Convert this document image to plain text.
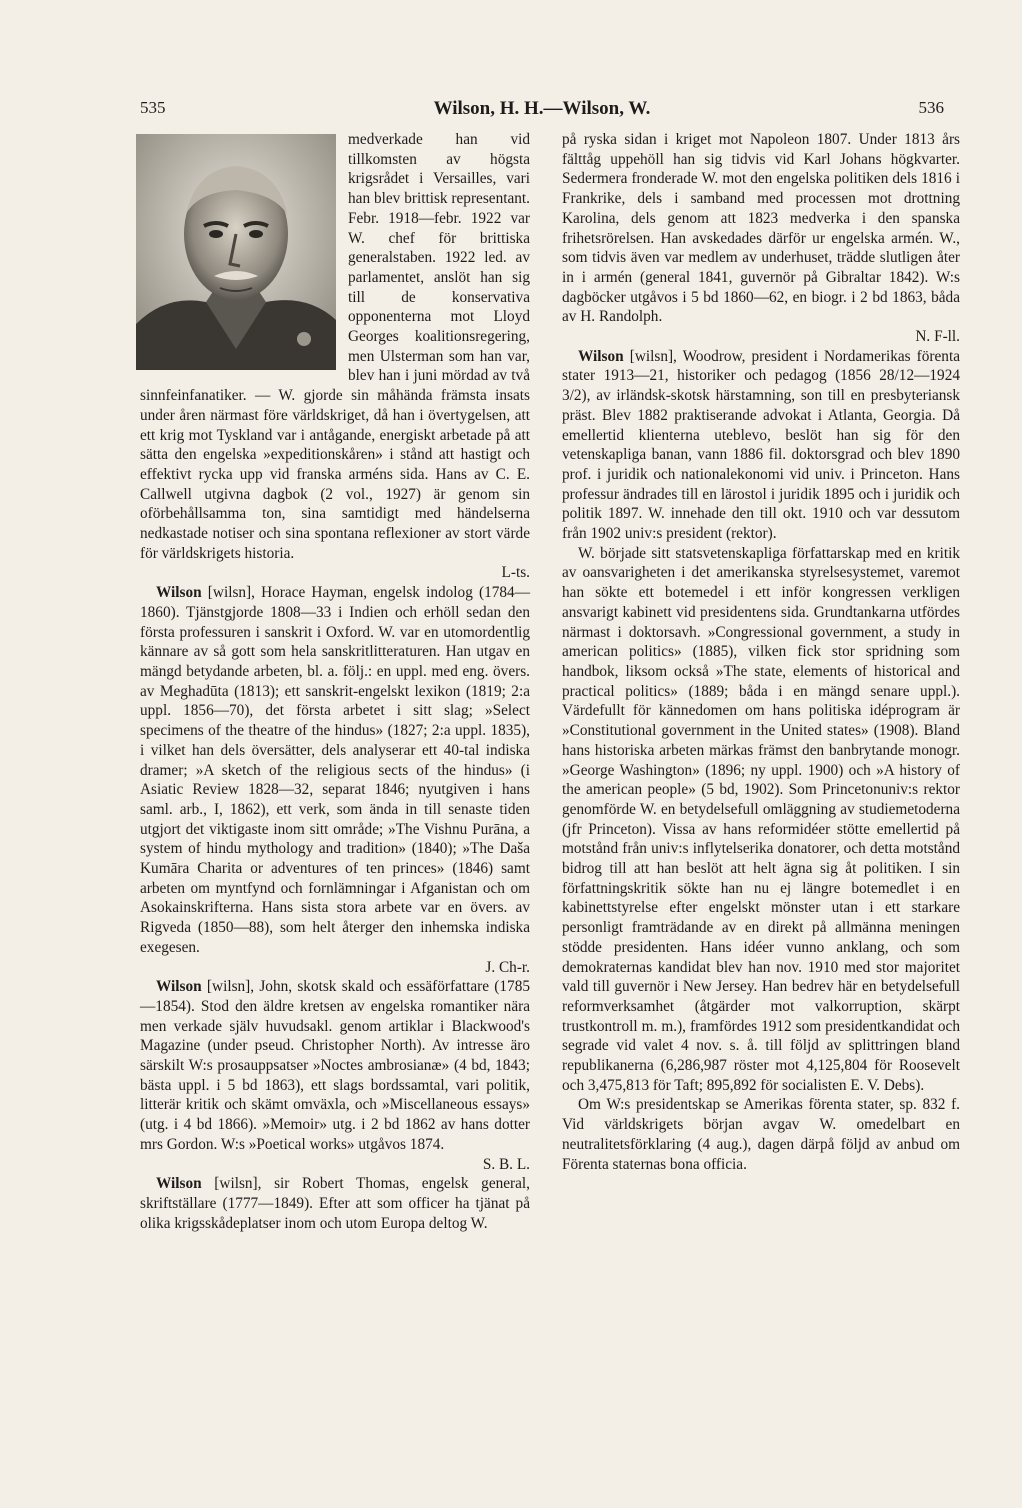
535	Wilson, H. H.—Wilson, W.	536

medverkade han vid tillkomsten av högsta krigsrådet i Versailles, vari han blev brittisk representant. Febr. 1918—febr. 1922 var W. chef för brittiska generalstaben. 1922 led. av parlamentet, anslöt han sig till de konservativa opponenterna mot Lloyd Georges koalitionsregering, men Ulsterman som han var, blev han i juni mördad av två sinnfeinfanatiker. — W. gjorde sin måhända främsta insats under åren närmast före världskriget, då han i övertygelsen, att ett krig mot Tyskland var i antågande, energiskt arbetade på att sätta den engelska »expeditionskåren» i stånd att hastigt och effektivt rycka upp vid franska arméns sida. Hans av C. E. Callwell utgivna dagbok (2 vol., 1927) är genom sin oförbehållsamma ton, sina samtidigt med händelserna nedkastade notiser och sina spontana reflexioner av stort värde för världskrigets historia.
L-ts.

Wilson [wilsn], Horace Hayman, engelsk indolog (1784—1860). Tjänstgjorde 1808—33 i Indien och erhöll sedan den första professuren i sanskrit i Oxford. W. var en utomordentlig kännare av så gott som hela sanskritlitteraturen. Han utgav en mängd betydande arbeten, bl. a. följ.: en uppl. med eng. övers. av Meghadūta (1813); ett sanskrit-engelskt lexikon (1819; 2:a uppl. 1856—70), det första arbetet i sitt slag; »Select specimens of the theatre of the hindus» (1827; 2:a uppl. 1835), i vilket han dels översätter, dels analyserar ett 40-tal indiska dramer; »A sketch of the religious sects of the hindus» (i Asiatic Review 1828—32, separat 1846; nyutgiven i hans saml. arb., I, 1862), ett verk, som ända in till senaste tiden utgjort det viktigaste inom sitt område; »The Vishnu Purāna, a system of hindu mythology and tradition» (1840); »The Daša Kumāra Charita or adventures of ten princes» (1846) samt arbeten om myntfynd och fornlämningar i Afganistan och om Asokainskrifterna. Hans sista stora arbete var en övers. av Rigveda (1850—88), som helt återger den inhemska indiska exegesen.
J. Ch-r.

Wilson [wilsn], John, skotsk skald och essäförfattare (1785—1854). Stod den äldre kretsen av engelska romantiker nära men verkade själv huvudsakl. genom artiklar i Blackwood's Magazine (under pseud. Christopher North). Av intresse äro särskilt W:s prosauppsatser »Noctes ambrosianæ» (4 bd, 1843; bästa uppl. i 5 bd 1863), ett slags bordssamtal, vari politik, litterär kritik och skämt omväxla, och »Miscellaneous essays» (utg. i 4 bd 1866). »Memoir» utg. i 2 bd 1862 av hans dotter mrs Gordon. W:s »Poetical works» utgåvos 1874.
S. B. L.

Wilson [wilsn], sir Robert Thomas, engelsk general, skriftställare (1777—1849). Efter att som officer ha tjänat på olika krigsskådeplatser inom och utom Europa deltog W.

på ryska sidan i kriget mot Napoleon 1807. Under 1813 års fälttåg uppehöll han sig tidvis vid Karl Johans högkvarter. Sedermera fronderade W. mot den engelska politiken dels 1816 i Frankrike, dels i samband med processen mot drottning Karolina, dels genom att 1823 medverka i den spanska frihetsrörelsen. Han avskedades därför ur engelska armén. W., som tidvis även var medlem av underhuset, trädde slutligen åter in i armén (general 1841, guvernör på Gibraltar 1842). W:s dagböcker utgåvos i 5 bd 1860—62, en biogr. i 2 bd 1863, båda av H. Randolph.
N. F-ll.

Wilson [wilsn], Woodrow, president i Nordamerikas förenta stater 1913—21, historiker och pedagog (1856 28/12—1924 3/2), av irländsk-skotsk härstamning, son till en presbyteriansk präst. Blev 1882 praktiserande advokat i Atlanta, Georgia. Då emellertid klienterna uteblevo, beslöt han sig för den vetenskapliga banan, vann 1886 fil. doktorsgrad och blev 1890 prof. i juridik och nationalekonomi vid univ. i Princeton. Hans professur ändrades till en lärostol i juridik 1895 och i juridik och politik 1897. W. innehade den till okt. 1910 och var dessutom från 1902 univ:s president (rektor).

W. började sitt statsvetenskapliga författarskap med en kritik av oansvarigheten i det amerikanska styrelsesystemet, varemot han sökte ett botemedel i ett inför kongressen verkligen ansvarigt kabinett vid presidentens sida. Grundtankarna utfördes närmast i doktorsavh. »Congressional government, a study in american politics» (1885), vilken fick stor spridning som handbok, liksom också »The state, elements of historical and practical politics» (1889; båda i en mängd senare uppl.). Värdefullt för kännedomen om hans politiska idéprogram är »Constitutional government in the United states» (1908). Bland hans historiska arbeten märkas främst den banbrytande monogr. »George Washington» (1896; ny uppl. 1900) och »A history of the american people» (5 bd, 1902). Som Princetonuniv:s rektor genomförde W. en betydelsefull omläggning av studiemetoderna (jfr Princeton). Vissa av hans reformidéer stötte emellertid på motstånd från univ:s inflytelserika donatorer, och detta motstånd bidrog till att han beslöt att helt ägna sig åt politiken. I sin författningskritik sökte han nu ej längre botemedlet i en kabinettstyrelse efter engelskt mönster utan i ett starkare personligt framträdande av en direkt på allmänna meningen stödde presidenten. Hans idéer vunno anklang, och som demokraternas kandidat blev han nov. 1910 med stor majoritet vald till guvernör i New Jersey. Han bedrev här en betydelsefull reformverksamhet (åtgärder mot valkorruption, skärpt trustkontroll m. m.), framfördes 1912 som presidentkandidat och segrade vid valet 4 nov. s. å. till följd av splittringen bland republikanerna (6,286,987 röster mot 4,125,804 för Roosevelt och 3,475,813 för Taft; 895,892 för socialisten E. V. Debs).

Om W:s presidentskap se Amerikas förenta stater, sp. 832 f. Vid världskrigets början avgav W. omedelbart en neutralitetsförklaring (4 aug.), dagen därpå följd av anbud om Förenta staternas bona officia.
